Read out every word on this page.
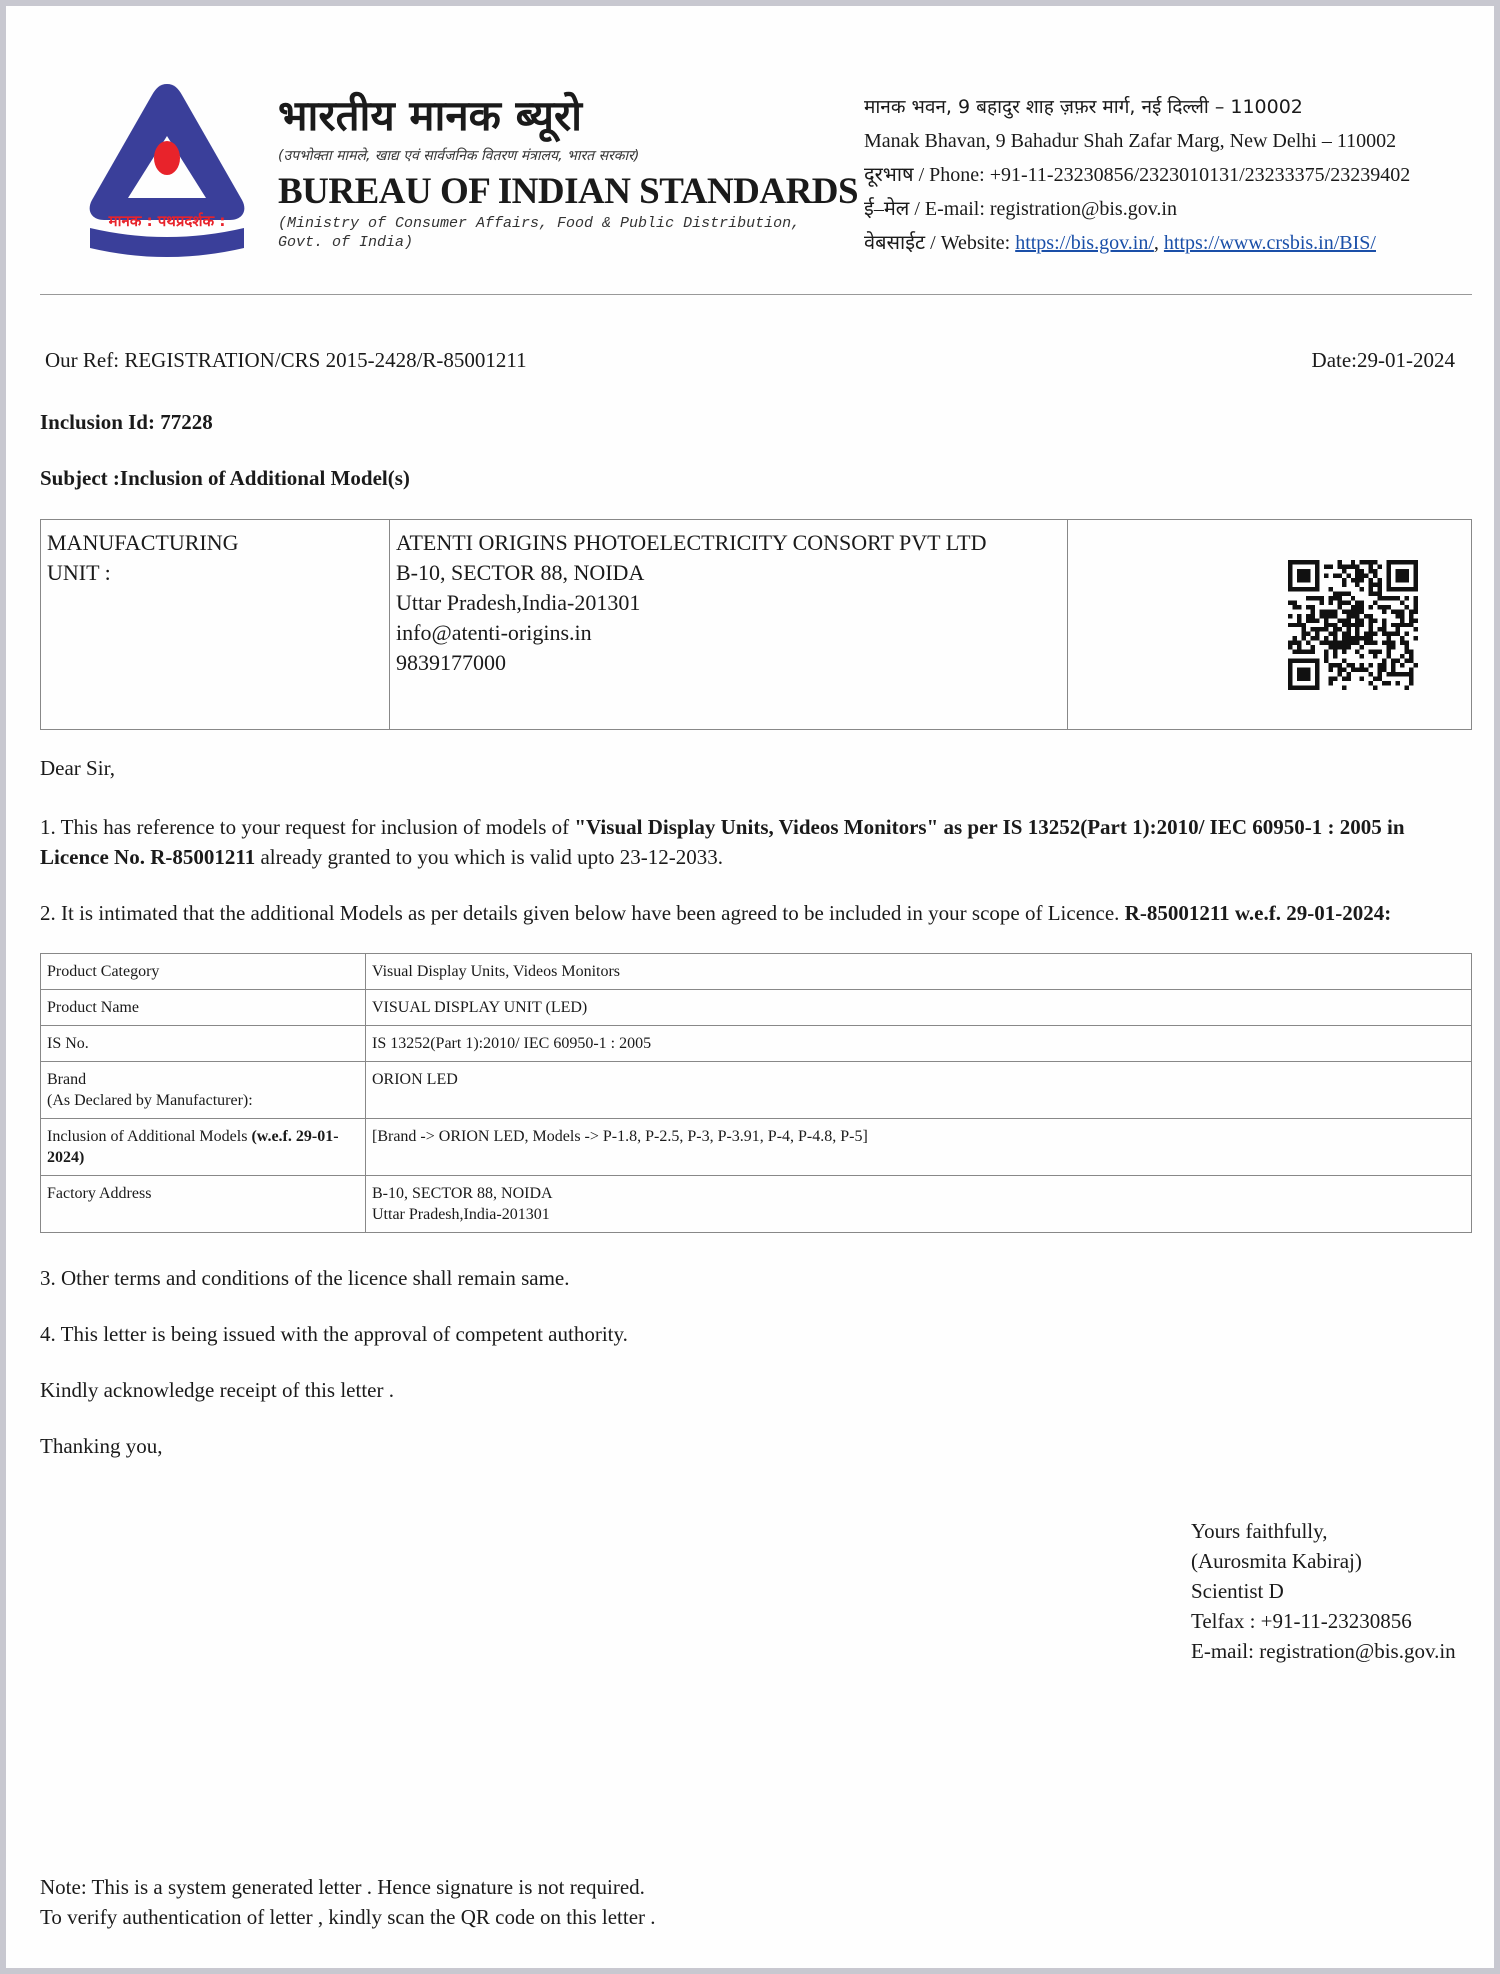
मानक : पथप्रदर्शक :
भारतीय मानक ब्यूरो
(उपभोक्ता मामले, खाद्य एवं सार्वजनिक वितरण मंत्रालय, भारत सरकार)
BUREAU OF INDIAN STANDARDS
(Ministry of Consumer Affairs, Food & Public Distribution, Govt. of India)
मानक भवन, 9 बहादुर शाह ज़फ़र मार्ग, नई दिल्ली – 110002
Manak Bhavan, 9 Bahadur Shah Zafar Marg, New Delhi – 110002
दूरभाष / Phone: +91-11-23230856/2323010131/23233375/23239402
ई–मेल / E-mail: registration@bis.gov.in
वेबसाईट / Website: https://bis.gov.in/, https://www.crsbis.in/BIS/
Our Ref: REGISTRATION/CRS 2015-2428/R-85001211	Date:29-01-2024
Inclusion Id: 77228
Subject :Inclusion of Additional Model(s)
MANUFACTURING
UNIT :
ATENTI ORIGINS PHOTOELECTRICITY CONSORT PVT LTD
B-10, SECTOR 88, NOIDA
Uttar Pradesh,India-201301
info@atenti-origins.in
9839177000
Dear Sir,
1. This has reference to your request for inclusion of models of "Visual Display Units, Videos Monitors" as per IS 13252(Part 1):2010/ IEC 60950-1 : 2005 in Licence No. R-85001211 already granted to you which is valid upto 23-12-2033.
2. It is intimated that the additional Models as per details given below have been agreed to be included in your scope of Licence. R-85001211 w.e.f. 29-01-2024:
Product Category	Visual Display Units, Videos Monitors

Product Name	VISUAL DISPLAY UNIT (LED)

IS No.	IS 13252(Part 1):2010/ IEC 60950-1 : 2005

Brand
(As Declared by Manufacturer):	ORION LED

Inclusion of Additional Models (w.e.f. 29-01-2024)	[Brand -> ORION LED, Models -> P-1.8, P-2.5, P-3, P-3.91, P-4, P-4.8, P-5]

Factory Address	B-10, SECTOR 88, NOIDA
Uttar Pradesh,India-201301
3. Other terms and conditions of the licence shall remain same.
4. This letter is being issued with the approval of competent authority.
Kindly acknowledge receipt of this letter .
Thanking you,
Yours faithfully,
(Aurosmita Kabiraj)
Scientist D
Telfax : +91-11-23230856
E-mail: registration@bis.gov.in
Note: This is a system generated letter . Hence signature is not required.
To verify authentication of letter , kindly scan the QR code on this letter .
